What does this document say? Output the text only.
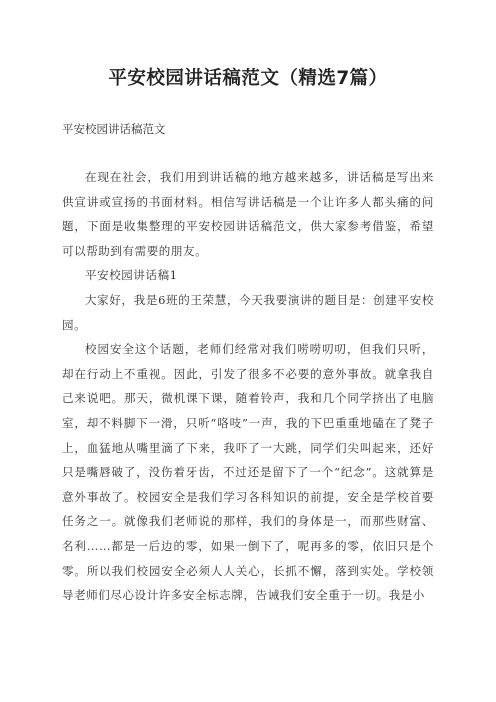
平安校园讲话稿范文（精选7篇）

平安校园讲话稿范文

在现在社会，我们用到讲话稿的地方越来越多，讲话稿是写出来供宣讲或宣扬的书面材料。相信写讲话稿是一个让许多人都头痛的问题，下面是收集整理的平安校园讲话稿范文，供大家参考借鉴，希望可以帮助到有需要的朋友。

平安校园讲话稿1

大家好，我是6班的王荣慧，今天我要演讲的题目是：创建平安校园。

校园安全这个话题，老师们经常对我们唠唠叨叨，但我们只听，却在行动上不重视。因此，引发了很多不必要的意外事故。就拿我自己来说吧。那天，微机课下课，随着铃声，我和几个同学挤出了电脑室，却不料脚下一滑，只听“咯吱”一声，我的下巴重重地磕在了凳子上，血猛地从嘴里滴了下来，我吓了一大跳，同学们尖叫起来，还好只是嘴唇破了，没伤着牙齿，不过还是留下了一个“纪念”。这就算是意外事故了。校园安全是我们学习各科知识的前提，安全是学校首要任务之一。就像我们老师说的那样，我们的身体是一，而那些财富、名利……都是一后边的零，如果一倒下了，呢再多的零，依旧只是个零。所以我们校园安全必须人人关心，长抓不懈，落到实处。学校领导老师们尽心设计许多安全标志牌，告诫我们安全重于一切。我是小
